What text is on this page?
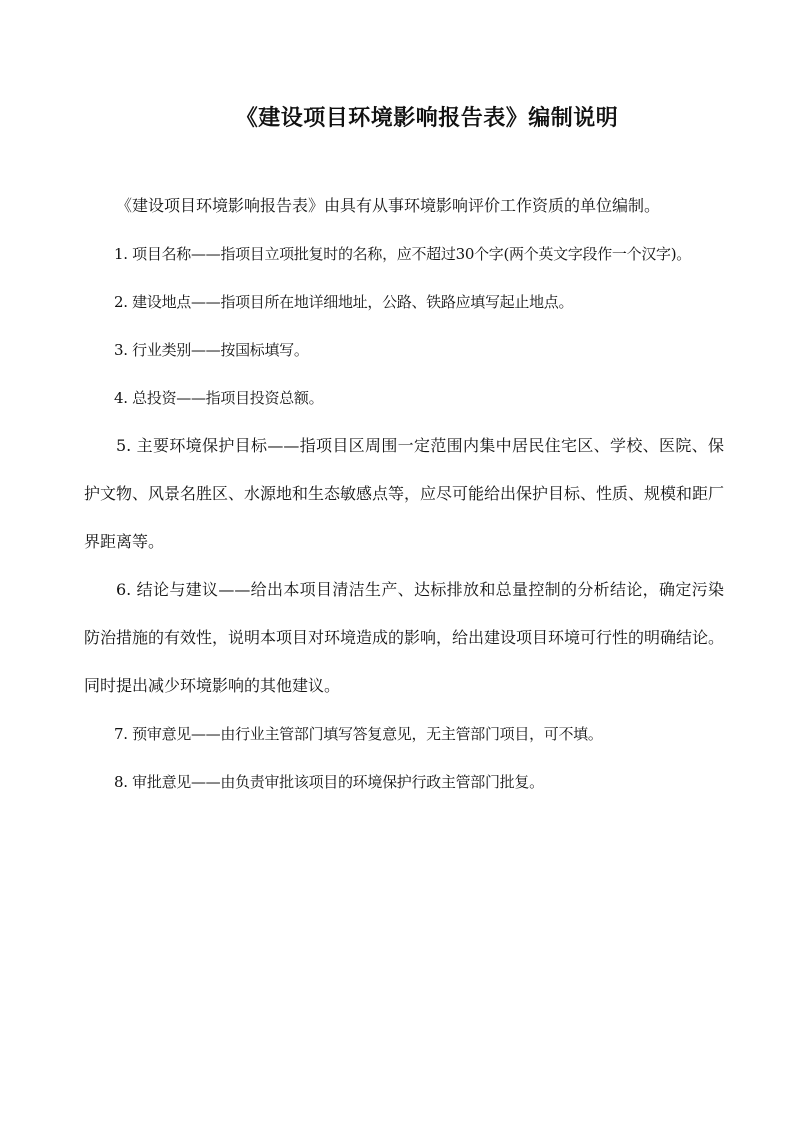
《建设项目环境影响报告表》编制说明

《建设项目环境影响报告表》由具有从事环境影响评价工作资质的单位编制。

1. 项目名称——指项目立项批复时的名称，应不超过30个字(两个英文字段作一个汉字)。

2. 建设地点——指项目所在地详细地址，公路、铁路应填写起止地点。

3. 行业类别——按国标填写。

4. 总投资——指项目投资总额。

5. 主要环境保护目标——指项目区周围一定范围内集中居民住宅区、学校、医院、保护文物、风景名胜区、水源地和生态敏感点等，应尽可能给出保护目标、性质、规模和距厂界距离等。

6. 结论与建议——给出本项目清洁生产、达标排放和总量控制的分析结论，确定污染防治措施的有效性，说明本项目对环境造成的影响，给出建设项目环境可行性的明确结论。同时提出减少环境影响的其他建议。

7. 预审意见——由行业主管部门填写答复意见，无主管部门项目，可不填。

8. 审批意见——由负责审批该项目的环境保护行政主管部门批复。
